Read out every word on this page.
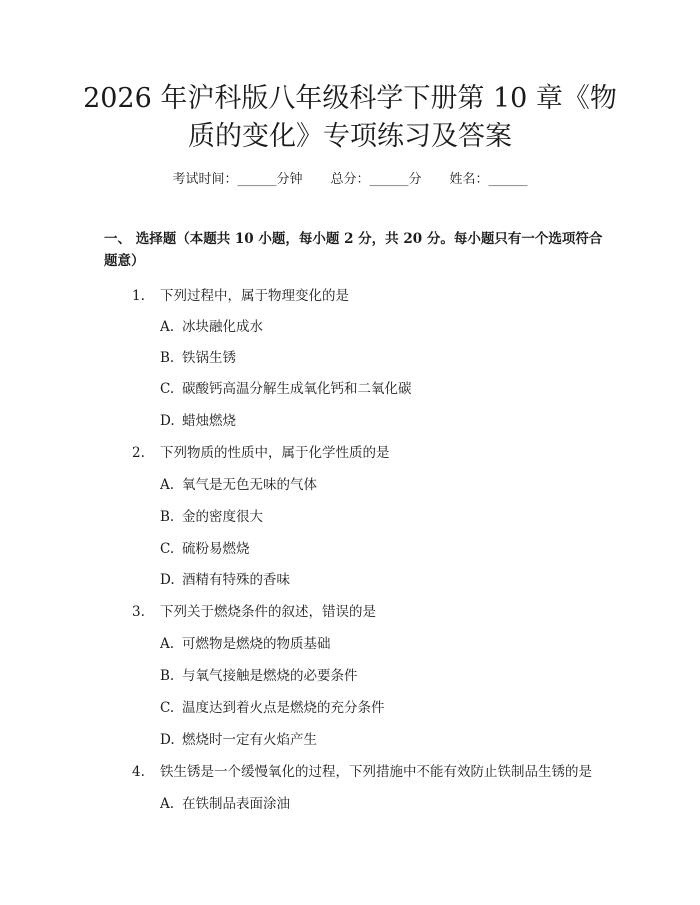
2026 年沪科版八年级科学下册第 10 章《物
质的变化》专项练习及答案
考试时间：______分钟 总分：______分 姓名：______
一、 选择题（本题共 10 小题，每小题 2 分，共 20 分。每小题只有一个选项符合题意）
1. 下列过程中，属于物理变化的是
A. 冰块融化成水
B. 铁锅生锈
C. 碳酸钙高温分解生成氧化钙和二氧化碳
D. 蜡烛燃烧
2. 下列物质的性质中，属于化学性质的是
A. 氧气是无色无味的气体
B. 金的密度很大
C. 硫粉易燃烧
D. 酒精有特殊的香味
3. 下列关于燃烧条件的叙述，错误的是
A. 可燃物是燃烧的物质基础
B. 与氧气接触是燃烧的必要条件
C. 温度达到着火点是燃烧的充分条件
D. 燃烧时一定有火焰产生
4. 铁生锈是一个缓慢氧化的过程，下列措施中不能有效防止铁制品生锈的是
A. 在铁制品表面涂油
